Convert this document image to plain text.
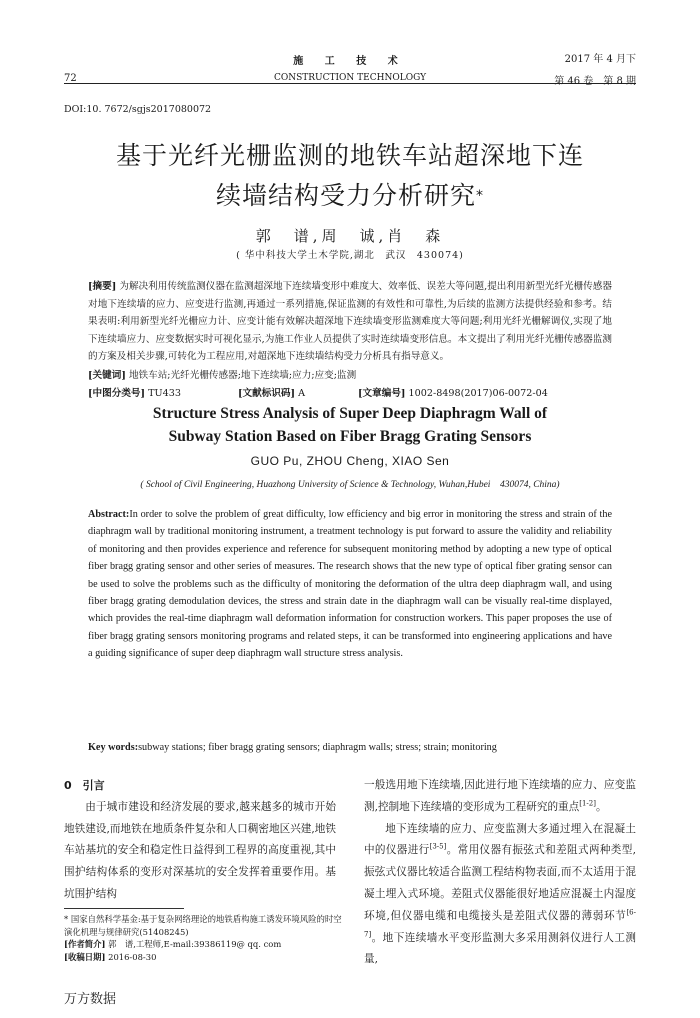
施 工 技 术	2017 年 4 月下
72	CONSTRUCTION TECHNOLOGY	第 46 卷　第 8 期
DOI:10. 7672/sgjs2017080072
基于光纤光栅监测的地铁车站超深地下连
续墙结构受力分析研究*
郭　谱,周　诚,肖　森
( 华中科技大学土木学院,湖北　武汉　430074)
[摘要] 为解决利用传统监测仪器在监测超深地下连续墙变形中难度大、效率低、误差大等问题,提出利用新型光纤光栅传感器对地下连续墙的应力、应变进行监测,再通过一系列措施,保证监测的有效性和可靠性,为后续的监测方法提供经验和参考。结果表明:利用新型光纤光栅应力计、应变计能有效解决超深地下连续墙变形监测难度大等问题;利用光纤光栅解调仪,实现了地下连续墙应力、应变数据实时可视化显示,为施工作业人员提供了实时连续墙变形信息。本文提出了利用光纤光栅传感器监测的方案及相关步骤,可转化为工程应用,对超深地下连续墙结构受力分析具有指导意义。
[关键词] 地铁车站;光纤光栅传感器;地下连续墙;应力;应变;监测
[中图分类号] TU433	[文献标识码] A	[文章编号] 1002-8498(2017)06-0072-04
Structure Stress Analysis of Super Deep Diaphragm Wall of
Subway Station Based on Fiber Bragg Grating Sensors
GUO Pu, ZHOU Cheng, XIAO Sen
( School of Civil Engineering, Huazhong University of Science & Technology, Wuhan,Hubei　430074, China)
Abstract:In order to solve the problem of great difficulty, low efficiency and big error in monitoring the stress and strain of the diaphragm wall by traditional monitoring instrument, a treatment technology is put forward to assure the validity and reliability of monitoring and then provides experience and reference for subsequent monitoring method by adopting a new type of optical fiber bragg grating sensor and other series of measures. The research shows that the new type of optical fiber grating sensor can be used to solve the problems such as the difficulty of monitoring the deformation of the ultra deep diaphragm wall, and using fiber bragg grating demodulation devices, the stress and strain date in the diaphragm wall can be visually real-time displayed, which provides the real-time diaphragm wall deformation information for construction workers. This paper proposes the use of fiber bragg grating sensors monitoring programs and related steps, it can be transformed into engineering applications and have a guiding significance of super deep diaphragm wall structure stress analysis.
Key words:subway stations; fiber bragg grating sensors; diaphragm walls; stress; strain; monitoring
0　引言

由于城市建设和经济发展的要求,越来越多的城市开始地铁建设,而地铁在地质条件复杂和人口稠密地区兴建,地铁车站基坑的安全和稳定性日益得到工程界的高度重视,其中围护结构体系的变形对深基坑的安全发挥着重要作用。基坑围护结构

一般选用地下连续墙,因此进行地下连续墙的应力、应变监测,控制地下连续墙的变形成为工程研究的重点[1-2]。

地下连续墙的应力、应变监测大多通过埋入在混凝土中的仪器进行[3-5]。常用仪器有振弦式和差阻式两种类型,振弦式仪器比较适合监测工程结构物表面,而不太适用于混凝土埋入式环境。差阻式仪器能很好地适应混凝土内湿度环境,但仪器电缆和电缆接头是差阻式仪器的薄弱环节[6-7]。地下连续墙水平变形监测大多采用测斜仪进行人工测量,

* 国家自然科学基金:基于复杂网络理论的地铁盾构施工诱发环境风险的时空演化机理与规律研究(51408245)
[作者简介] 郭　谱,工程师,E-mail:39386119@ qq. com
[收稿日期] 2016-08-30
万方数据
